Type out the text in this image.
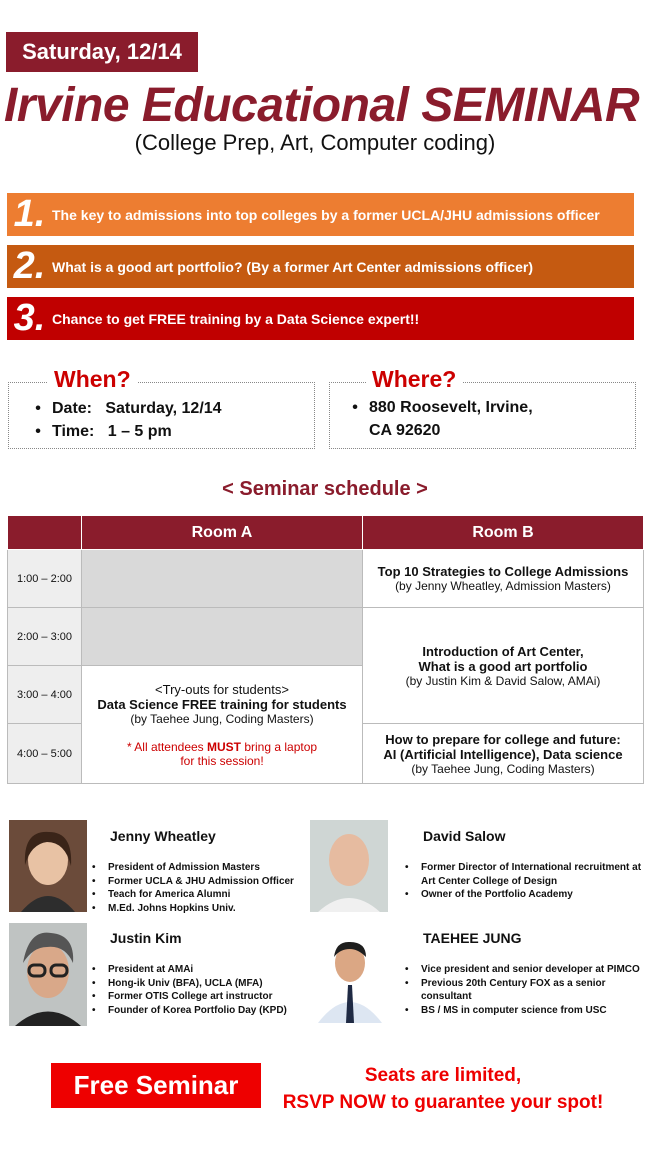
Saturday, 12/14
Irvine Educational SEMINAR
(College Prep, Art, Computer coding)
1. The key to admissions into top colleges by a former UCLA/JHU admissions officer
2. What is a good art portfolio? (By a former Art Center admissions officer)
3. Chance to get FREE training by a Data Science expert!!
When?
• Date:   Saturday, 12/14
• Time:   1 – 5 pm
Where?
• 880 Roosevelt, Irvine,
CA 92620
< Seminar schedule >
	Room A	Room B
1:00 – 2:00		Top 10 Strategies to College Admissions
(by Jenny Wheatley, Admission Masters)

2:00 – 3:00		Introduction of Art Center,
What is a good art portfolio
(by Justin Kim & David Salow, AMAi)

3:00 – 4:00	<Try-outs for students>
Data Science FREE training for students
(by Taehee Jung, Coding Masters)
* All attendees MUST bring a laptop
for this session!	

4:00 – 5:00		How to prepare for college and future:
AI (Artificial Intelligence), Data science
(by Taehee Jung, Coding Masters)
Jenny Wheatley
•	President of Admission Masters
•	Former UCLA & JHU Admission Officer
•	Teach for America Alumni
•	M.Ed. Johns Hopkins Univ.
David Salow
•	Former Director of International recruitment at Art Center College of Design
•	Owner of the Portfolio Academy
Justin Kim
•	President at AMAi
•	Hong-ik Univ (BFA), UCLA (MFA)
•	Former OTIS College art instructor
•	Founder of Korea Portfolio Day (KPD)
TAEHEE JUNG
•	Vice president and senior developer at PIMCO
•	Previous 20th Century FOX as a senior consultant
•	BS / MS in computer science from USC
Free Seminar	Seats are limited,
RSVP NOW to guarantee your spot!
